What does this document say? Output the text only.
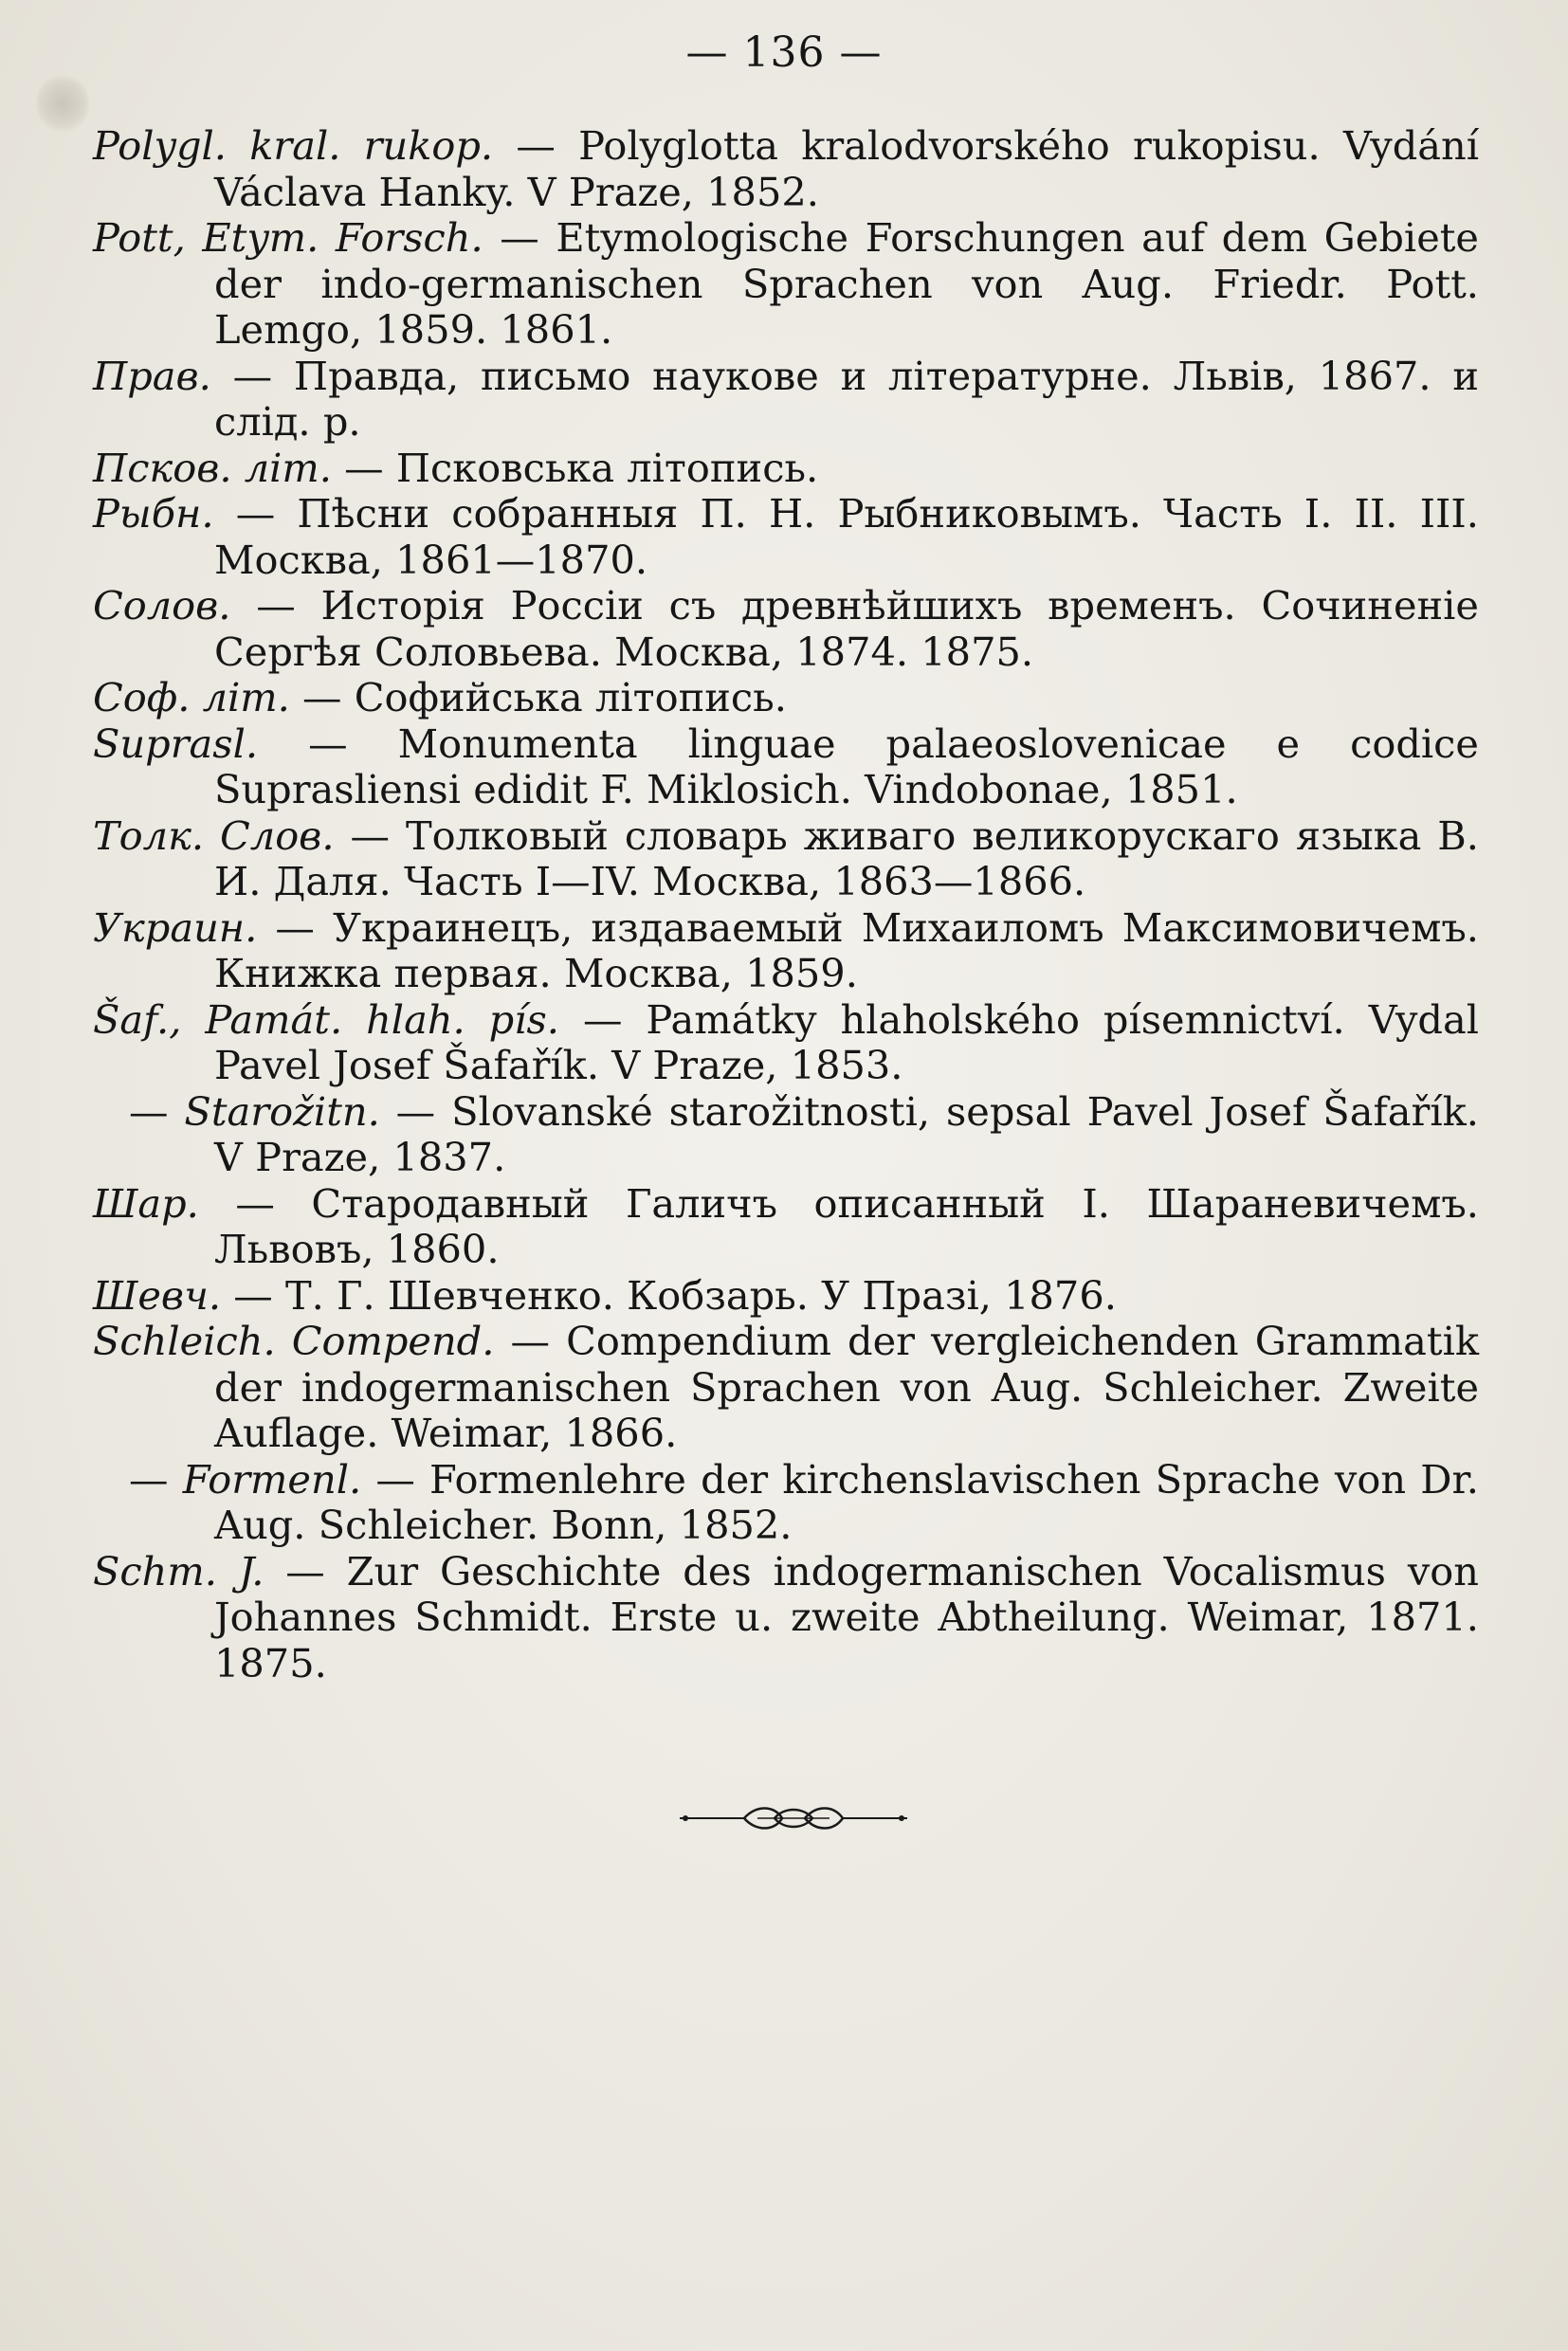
— 136 —

Polygl. kral. rukop. — Polyglotta kralodvorského rukopisu. Vydání Václava Hanky. V Praze, 1852.

Pott, Etym. Forsch. — Etymologische Forschungen auf dem Gebiete der indo-germanischen Sprachen von Aug. Friedr. Pott. Lemgo, 1859. 1861.

Прав. — Правда, письмо наукове и літературне. Львів, 1867. и слід. р.

Псков. літ. — Псковська літопись.

Рыбн. — Пѣсни собранныя П. Н. Рыбниковымъ. Часть I. II. III. Москва, 1861—1870.

Солов. — Исторія Россіи съ древнѣйшихъ временъ. Сочиненіе Сергѣя Соловьева. Москва, 1874. 1875.

Соф. літ. — Софийська літопись.

Suprasl. — Monumenta linguae palaeoslovenicae e codice Suprasliensi edidit F. Miklosich. Vindobonae, 1851.

Толк. Слов. — Толковый словарь живаго великорускаго языка В. И. Даля. Часть I—IV. Москва, 1863—1866.

Украин. — Украинецъ, издаваемый Михаиломъ Максимовичемъ. Книжка первая. Москва, 1859.

Šaf., Památ. hlah. pís. — Památky hlaholského písemnictví. Vydal Pavel Josef Šafařík. V Praze, 1853.

— Starožitn. — Slovanské starožitnosti, sepsal Pavel Josef Šafařík. V Praze, 1837.

Шар. — Стародавный Галичъ описанный І. Шараневичемъ. Львовъ, 1860.

Шевч. — Т. Г. Шевченко. Кобзарь. У Празі, 1876.

Schleich. Compend. — Compendium der vergleichenden Grammatik der indogermanischen Sprachen von Aug. Schleicher. Zweite Auflage. Weimar, 1866.

— Formenl. — Formenlehre der kirchenslavischen Sprache von Dr. Aug. Schleicher. Bonn, 1852.

Schm. J. — Zur Geschichte des indogermanischen Vocalismus von Johannes Schmidt. Erste u. zweite Abtheilung. Weimar, 1871. 1875.
